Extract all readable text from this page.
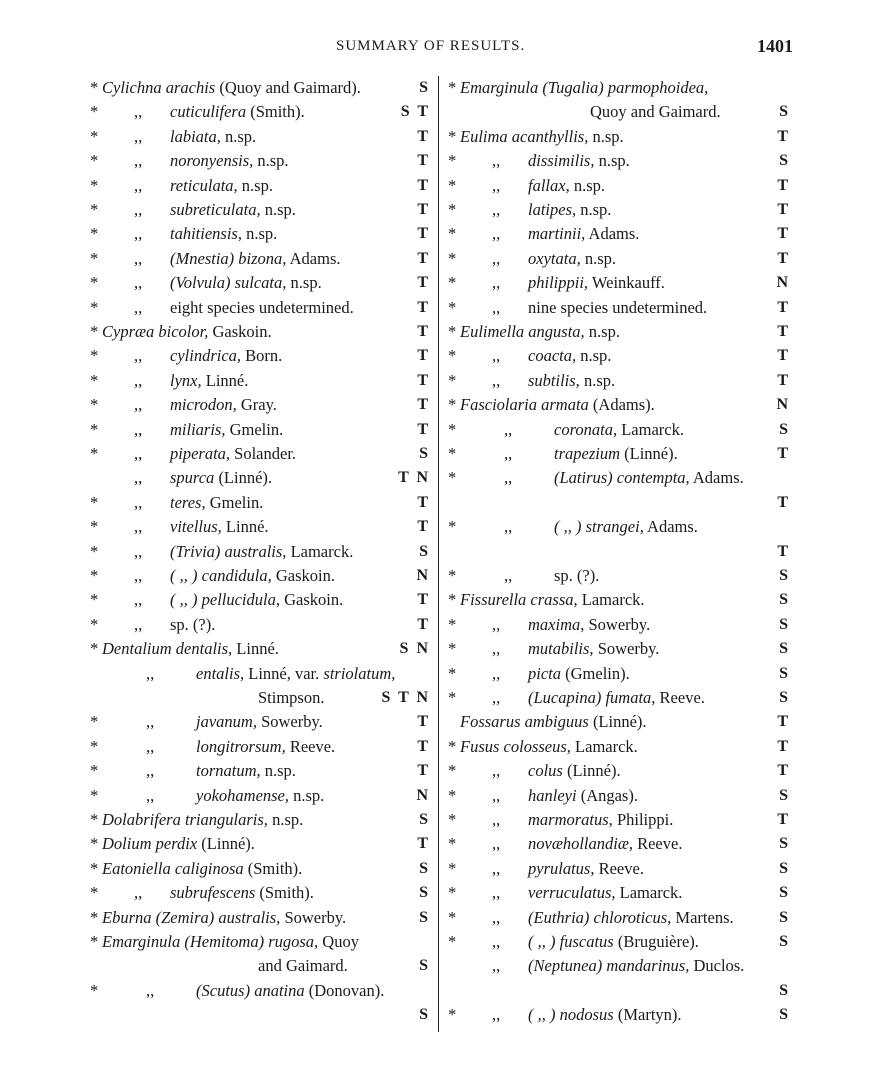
SUMMARY OF RESULTS.	1401
* Cylichna arachis (Quoy and Gaimard).	S
* ,, cuticulifera (Smith).	S T
* ,, labiata, n.sp.	T
* ,, noronyensis, n.sp.	T
* ,, reticulata, n.sp.	T
* ,, subreticulata, n.sp.	T
* ,, tahitiensis, n.sp.	T
* ,, (Mnestia) bizona, Adams.	T
* ,, (Volvula) sulcata, n.sp.	T
* ,, eight species undetermined.	T
* Cypræa bicolor, Gaskoin.	T
* ,, cylindrica, Born.	T
* ,, lynx, Linné.	T
* ,, microdon, Gray.	T
* ,, miliaris, Gmelin.	T
* ,, piperata, Solander.	S
,, spurca (Linné).	T N
* ,, teres, Gmelin.	T
* ,, vitellus, Linné.	T
* ,, (Trivia) australis, Lamarck.	S
* ,, ( ,, ) candidula, Gaskoin.	N
* ,, ( ,, ) pellucidula, Gaskoin.	T
* ,, sp. (?).	T
* Dentalium dentalis, Linné.	S N
,,	entalis, Linné, var. striolatum,
Stimpson.	S T N
*	,,	javanum, Sowerby.	T
*	,,	longitrorsum, Reeve.	T
*	,,	tornatum, n.sp.	T
*	,,	yokohamense, n.sp.	N
* Dolabrifera triangularis, n.sp.	S
* Dolium perdix (Linné).	T
* Eatoniella caliginosa (Smith).	S
* ,, subrufescens (Smith).	S
* Eburna (Zemira) australis, Sowerby.	S
* Emarginula (Hemitoma) rugosa, Quoy
and Gaimard.	S
*	,,	(Scutus) anatina (Donovan).
S
* Emarginula (Tugalia) parmophoidea,
Quoy and Gaimard.	S
* Eulima acanthyllis, n.sp.	T
* ,, dissimilis, n.sp.	S
* ,, fallax, n.sp.	T
* ,, latipes, n.sp.	T
* ,, martinii, Adams.	T
* ,, oxytata, n.sp.	T
* ,, philippii, Weinkauff.	N
* ,, nine species undetermined.	T
* Eulimella angusta, n.sp.	T
* ,, coacta, n.sp.	T
* ,, subtilis, n.sp.	T
* Fasciolaria armata (Adams).	N
*	,,	coronata, Lamarck.	S
*	,,	trapezium (Linné).	T
*	,,	(Latirus) contempta, Adams.
T
*	,,	( ,, ) strangei, Adams.
T
*	,,	sp. (?).	S
* Fissurella crassa, Lamarck.	S
* ,, maxima, Sowerby.	S
* ,, mutabilis, Sowerby.	S
* ,, picta (Gmelin).	S
* ,, (Lucapina) fumata, Reeve.	S
Fossarus ambiguus (Linné).	T
* Fusus colosseus, Lamarck.	T
* ,, colus (Linné).	T
* ,, hanleyi (Angas).	S
* ,, marmoratus, Philippi.	T
* ,, novæhollandiæ, Reeve.	S
* ,, pyrulatus, Reeve.	S
* ,, verruculatus, Lamarck.	S
* ,, (Euthria) chloroticus, Martens.	S
* ,, ( ,, ) fuscatus (Bruguière).	S
,, (Neptunea) mandarinus, Duclos.
S
* ,, ( ,, ) nodosus (Martyn).	S
